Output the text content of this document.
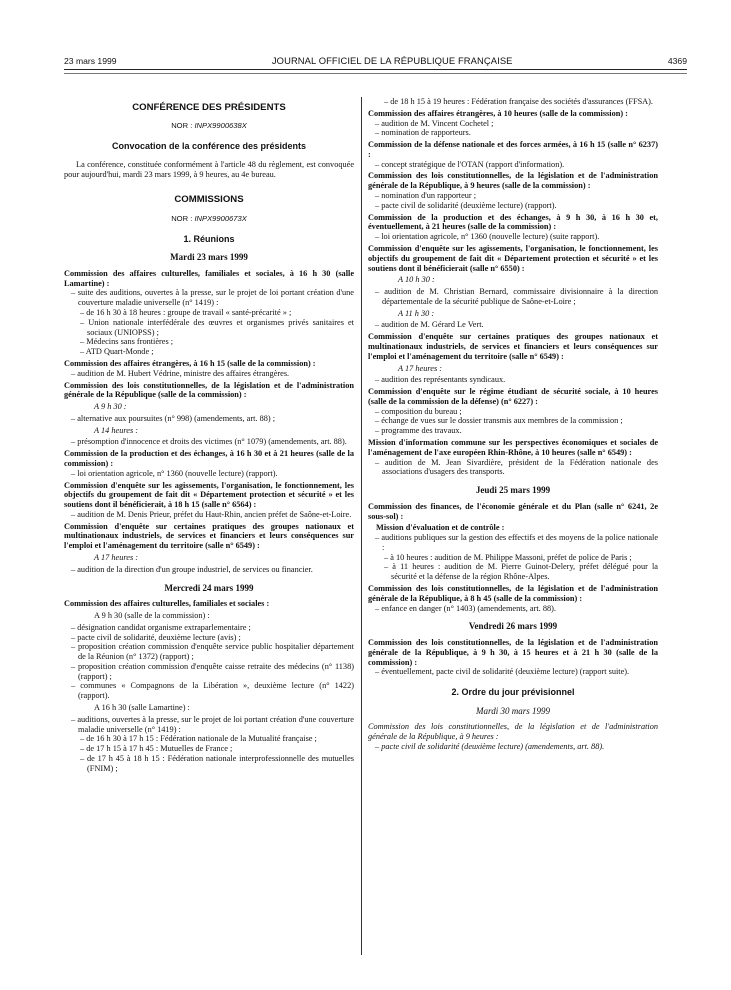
23 mars 1999	JOURNAL OFFICIEL DE LA RÉPUBLIQUE FRANÇAISE	4369
CONFÉRENCE DES PRÉSIDENTS
NOR : INPX9900638X
Convocation de la conférence des présidents

La conférence, constituée conformément à l'article 48 du règlement, est convoquée pour aujourd'hui, mardi 23 mars 1999, à 9 heures, au 4e bureau.

COMMISSIONS
NOR : INPX9900673X
1. Réunions
Mardi 23 mars 1999

Commission des affaires culturelles, familiales et sociales, à 16 h 30 (salle Lamartine) :

– suite des auditions, ouvertes à la presse, sur le projet de loi portant création d'une couverture maladie universelle (n° 1419) :
– de 16 h 30 à 18 heures : groupe de travail « santé-précarité » ;
– Union nationale interfédérale des œuvres et organismes privés sanitaires et sociaux (UNIOPSS) ;
– Médecins sans frontières ;
– ATD Quart-Monde ;

Commission des affaires étrangères, à 16 h 15 (salle de la commission) :

– audition de M. Hubert Védrine, ministre des affaires étrangères.

Commission des lois constitutionnelles, de la législation et de l'administration générale de la République (salle de la commission) :

A 9 h 30 :
– alternative aux poursuites (n° 998) (amendements, art. 88) ;
A 14 heures :
– présomption d'innocence et droits des victimes (n° 1079) (amendements, art. 88).

Commission de la production et des échanges, à 16 h 30 et à 21 heures (salle de la commission) :

– loi orientation agricole, n° 1360 (nouvelle lecture) (rapport).

Commission d'enquête sur les agissements, l'organisation, le fonctionnement, les objectifs du groupement de fait dit « Département protection et sécurité » et les soutiens dont il bénéficierait, à 18 h 15 (salle n° 6564) :

– audition de M. Denis Prieur, préfet du Haut-Rhin, ancien préfet de Saône-et-Loire.

Commission d'enquête sur certaines pratiques des groupes nationaux et multinationaux industriels, de services et financiers et leurs conséquences sur l'emploi et l'aménagement du territoire (salle n° 6549) :

A 17 heures :
– audition de la direction d'un groupe industriel, de services ou financier.
Mercredi 24 mars 1999

Commission des affaires culturelles, familiales et sociales :

A 9 h 30 (salle de la commission) :
– désignation candidat organisme extraparlementaire ;
– pacte civil de solidarité, deuxième lecture (avis) ;
– proposition création commission d'enquête service public hospitalier département de la Réunion (n° 1372) (rapport) ;
– proposition création commission d'enquête caisse retraite des médecins (n° 1138) (rapport) ;
– communes « Compagnons de la Libération », deuxième lecture (n° 1422) (rapport).
A 16 h 30 (salle Lamartine) :
– auditions, ouvertes à la presse, sur le projet de loi portant création d'une couverture maladie universelle (n° 1419) :
– de 16 h 30 à 17 h 15 : Fédération nationale de la Mutualité française ;
– de 17 h 15 à 17 h 45 : Mutuelles de France ;
– de 17 h 45 à 18 h 15 : Fédération nationale interprofessionnelle des mutuelles (FNIM) ;
– de 18 h 15 à 19 heures : Fédération française des sociétés d'assurances (FFSA).

Commission des affaires étrangères, à 10 heures (salle de la commission) :

– audition de M. Vincent Cochetel ;
– nomination de rapporteurs.

Commission de la défense nationale et des forces armées, à 16 h 15 (salle n° 6237) :

– concept stratégique de l'OTAN (rapport d'information).

Commission des lois constitutionnelles, de la législation et de l'administration générale de la République, à 9 heures (salle de la commission) :

– nomination d'un rapporteur ;
– pacte civil de solidarité (deuxième lecture) (rapport).

Commission de la production et des échanges, à 9 h 30, à 16 h 30 et, éventuellement, à 21 heures (salle de la commission) :

– loi orientation agricole, n° 1360 (nouvelle lecture) (suite rapport).

Commission d'enquête sur les agissements, l'organisation, le fonctionnement, les objectifs du groupement de fait dit « Département protection et sécurité » et les soutiens dont il bénéficierait (salle n° 6550) :

A 10 h 30 :
– audition de M. Christian Bernard, commissaire divisionnaire à la direction départementale de la sécurité publique de Saône-et-Loire ;
A 11 h 30 :
– audition de M. Gérard Le Vert.

Commission d'enquête sur certaines pratiques des groupes nationaux et multinationaux industriels, de services et financiers et leurs conséquences sur l'emploi et l'aménagement du territoire (salle n° 6549) :

A 17 heures :
– audition des représentants syndicaux.

Commission d'enquête sur le régime étudiant de sécurité sociale, à 10 heures (salle de la commission de la défense) (n° 6227) :

– composition du bureau ;
– échange de vues sur le dossier transmis aux membres de la commission ;
– programme des travaux.

Mission d'information commune sur les perspectives économiques et sociales de l'aménagement de l'axe européen Rhin-Rhône, à 10 heures (salle n° 6549) :

– audition de M. Jean Sivardière, président de la Fédération nationale des associations d'usagers des transports.
Jeudi 25 mars 1999

Commission des finances, de l'économie générale et du Plan (salle n° 6241, 2e sous-sol) :

Mission d'évaluation et de contrôle :

– auditions publiques sur la gestion des effectifs et des moyens de la police nationale :
– à 10 heures : audition de M. Philippe Massoni, préfet de police de Paris ;
– à 11 heures : audition de M. Pierre Guinot-Delery, préfet délégué pour la sécurité et la défense de la région Rhône-Alpes.

Commission des lois constitutionnelles, de la législation et de l'administration générale de la République, à 8 h 45 (salle de la commission) :

– enfance en danger (n° 1403) (amendements, art. 88).
Vendredi 26 mars 1999

Commission des lois constitutionnelles, de la législation et de l'administration générale de la République, à 9 h 30, à 15 heures et à 21 h 30 (salle de la commission) :

– éventuellement, pacte civil de solidarité (deuxième lecture) (rapport suite).
2. Ordre du jour prévisionnel
Mardi 30 mars 1999

Commission des lois constitutionnelles, de la législation et de l'administration générale de la République, à 9 heures :

– pacte civil de solidarité (deuxième lecture) (amendements, art. 88).
